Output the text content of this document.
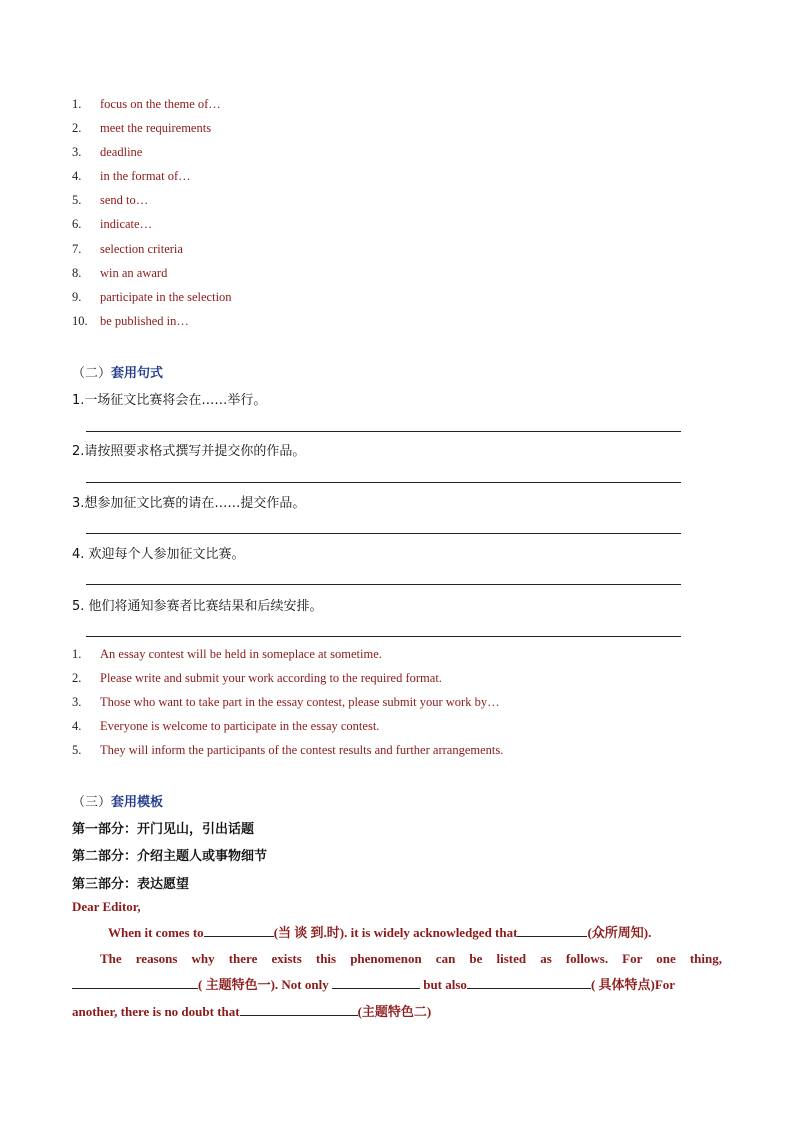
1.	focus on the theme of…
2.	meet the requirements
3.	deadline
4.	in the format of…
5.	send to…
6.	indicate…
7.	selection criteria
8.	win an award
9.	participate in the selection
10. be published in…
（二）套用句式
1.一场征文比赛将会在……举行。
2.请按照要求格式撰写并提交你的作品。
3.想参加征文比赛的请在……提交作品。
4. 欢迎每个人参加征文比赛。
5. 他们将通知参赛者比赛结果和后续安排。
1.	An essay contest will be held in someplace at sometime.
2.	Please write and submit your work according to the required format.
3.	Those who want to take part in the essay contest, please submit your work by…
4.	Everyone is welcome to participate in the essay contest.
5.	They will inform the participants of the contest results and further arrangements.
（三）套用模板
第一部分：开门见山，引出话题
第二部分：介绍主题人或事物细节
第三部分：表达愿望
Dear Editor,
When it comes to	(当 谈 到.时). it is widely acknowledged that	(众所周知).
The reasons why there exists this phenomenon can be listed as follows. For one thing,
( 主题特色一). Not only	but also	( 具体特点)For
another, there is no doubt that	(主题特色二)
